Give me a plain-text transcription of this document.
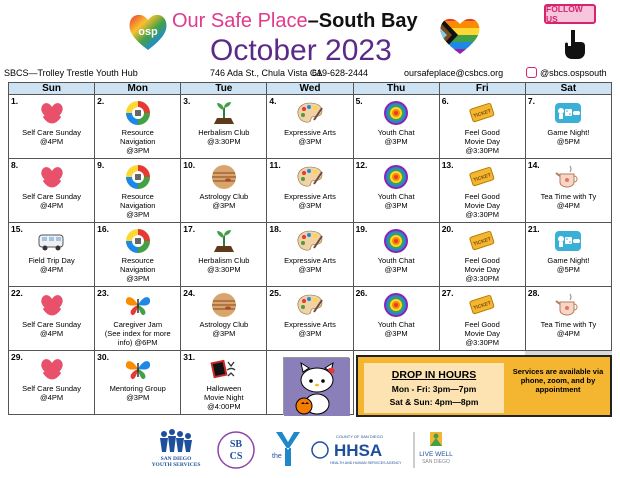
osp Our Safe Place–South Bay
October 2023
FOLLOW US
SBCS—Trolley Trestle Youth Hub	746 Ada St., Chula Vista CA
619-628-2444	oursafeplace@csbcs.org	@sbcs.ospsouth
Sun	Mon	Tue	Wed	Thu	Fri	Sat

1.
Self Care Sunday
@4PM	2.
Resource
Navigation
@3PM	3.
Herbalism Club
@3:30PM	4.
Expressive Arts
@3PM	5.
Youth Chat
@3PM	6.
TICKET
Feel Good
Movie Day
@3:30PM	7.
Game Night!
@5PM

8.
Self Care Sunday
@4PM	9.
Resource
Navigation
@3PM	10.
Astrology Club
@3PM	11.
Expressive Arts
@3PM	12.
Youth Chat
@3PM	13.
TICKET
Feel Good
Movie Day
@3:30PM	14.
Tea Time with Ty
@4PM

15.
Field Trip Day
@4PM	16.
Resource
Navigation
@3PM	17.
Herbalism Club
@3:30PM	18.
Expressive Arts
@3PM	19.
Youth Chat
@3PM	20.
TICKET
Feel Good
Movie Day
@3:30PM	21.
Game Night!
@5PM

22.
Self Care Sunday
@4PM	23.
Caregiver Jam
(See index for more
info) @6PM	24.
Astrology Club
@3PM	25.
Expressive Arts
@3PM	26.
Youth Chat
@3PM	27.
TICKET
Feel Good
Movie Day
@3:30PM	28.
Tea Time with Ty
@4PM

29.
Self Care Sunday
@4PM	30.
Mentoring Group
@3PM	31.
Halloween
Movie Night
@4:00PM				

DROP IN HOURS
Mon - Fri: 3pm—7pm
Sat & Sun: 4pm—8pm
Services are available via phone, zoom, and by appointment
SAN DIEGO
YOUTH SERVICES
SB
CS	the
COUNTY OF SAN DIEGO
HHSA
HEALTH AND HUMAN SERVICES AGENCY
LIVE WELL
SAN DIEGO
